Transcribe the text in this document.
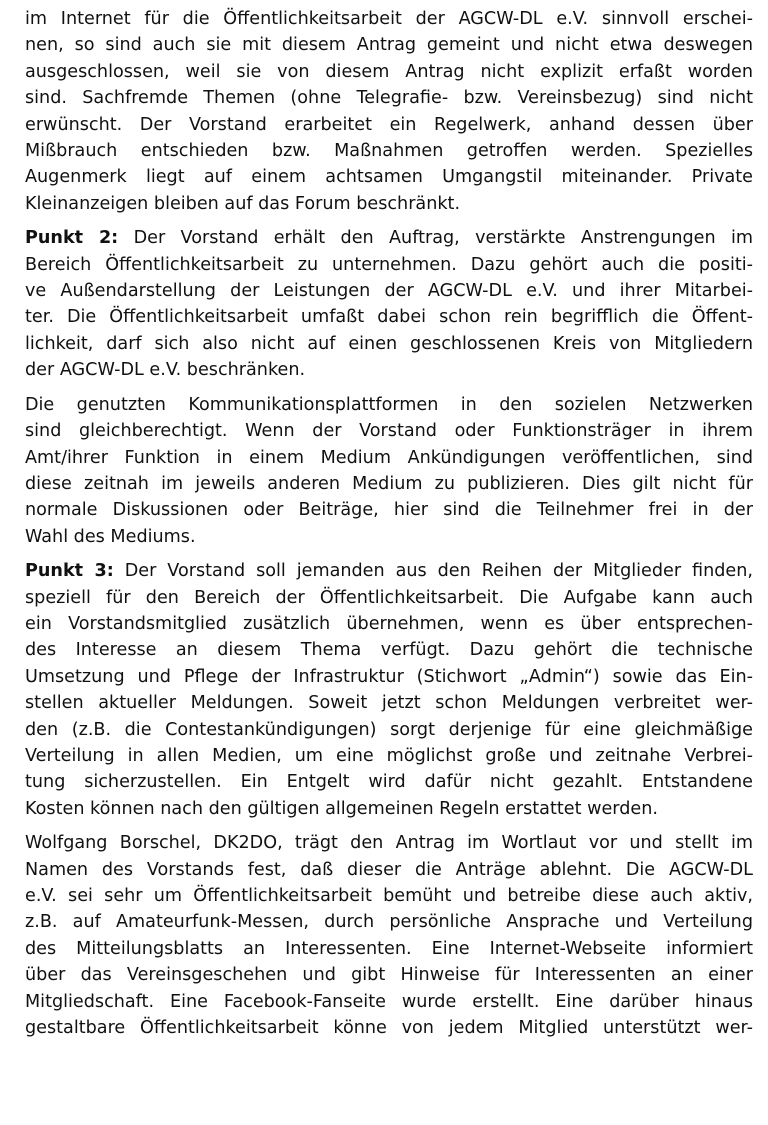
im Internet für die Öffentlichkeitsarbeit der AGCW-DL e.V. sinnvoll erschei-
nen, so sind auch sie mit diesem Antrag gemeint und nicht etwa deswegen
ausgeschlossen, weil sie von diesem Antrag nicht explizit erfaßt worden
sind. Sachfremde Themen (ohne Telegrafie- bzw. Vereinsbezug) sind nicht
erwünscht. Der Vorstand erarbeitet ein Regelwerk, anhand dessen über
Mißbrauch entschieden bzw. Maßnahmen getroffen werden. Spezielles
Augenmerk liegt auf einem achtsamen Umgangstil miteinander. Private
Kleinanzeigen bleiben auf das Forum beschränkt.
Punkt 2: Der Vorstand erhält den Auftrag, verstärkte Anstrengungen im
Bereich Öffentlichkeitsarbeit zu unternehmen. Dazu gehört auch die positi-
ve Außendarstellung der Leistungen der AGCW-DL e.V. und ihrer Mitarbei-
ter. Die Öffentlichkeitsarbeit umfaßt dabei schon rein begrifflich die Öffent-
lichkeit, darf sich also nicht auf einen geschlossenen Kreis von Mitgliedern
der AGCW-DL e.V. beschränken.
Die genutzten Kommunikationsplattformen in den sozielen Netzwerken
sind gleichberechtigt. Wenn der Vorstand oder Funktionsträger in ihrem
Amt/ihrer Funktion in einem Medium Ankündigungen veröffentlichen, sind
diese zeitnah im jeweils anderen Medium zu publizieren. Dies gilt nicht für
normale Diskussionen oder Beiträge, hier sind die Teilnehmer frei in der
Wahl des Mediums.
Punkt 3: Der Vorstand soll jemanden aus den Reihen der Mitglieder finden,
speziell für den Bereich der Öffentlichkeitsarbeit. Die Aufgabe kann auch
ein Vorstandsmitglied zusätzlich übernehmen, wenn es über entsprechen-
des Interesse an diesem Thema verfügt. Dazu gehört die technische
Umsetzung und Pflege der Infrastruktur (Stichwort „Admin“) sowie das Ein-
stellen aktueller Meldungen. Soweit jetzt schon Meldungen verbreitet wer-
den (z.B. die Contestankündigungen) sorgt derjenige für eine gleichmäßige
Verteilung in allen Medien, um eine möglichst große und zeitnahe Verbrei-
tung sicherzustellen. Ein Entgelt wird dafür nicht gezahlt. Entstandene
Kosten können nach den gültigen allgemeinen Regeln erstattet werden.
Wolfgang Borschel, DK2DO, trägt den Antrag im Wortlaut vor und stellt im
Namen des Vorstands fest, daß dieser die Anträge ablehnt. Die AGCW-DL
e.V. sei sehr um Öffentlichkeitsarbeit bemüht und betreibe diese auch aktiv,
z.B. auf Amateurfunk-Messen, durch persönliche Ansprache und Verteilung
des Mitteilungsblatts an Interessenten. Eine Internet-Webseite informiert
über das Vereinsgeschehen und gibt Hinweise für Interessenten an einer
Mitgliedschaft. Eine Facebook-Fanseite wurde erstellt. Eine darüber hinaus
gestaltbare Öffentlichkeitsarbeit könne von jedem Mitglied unterstützt wer-
